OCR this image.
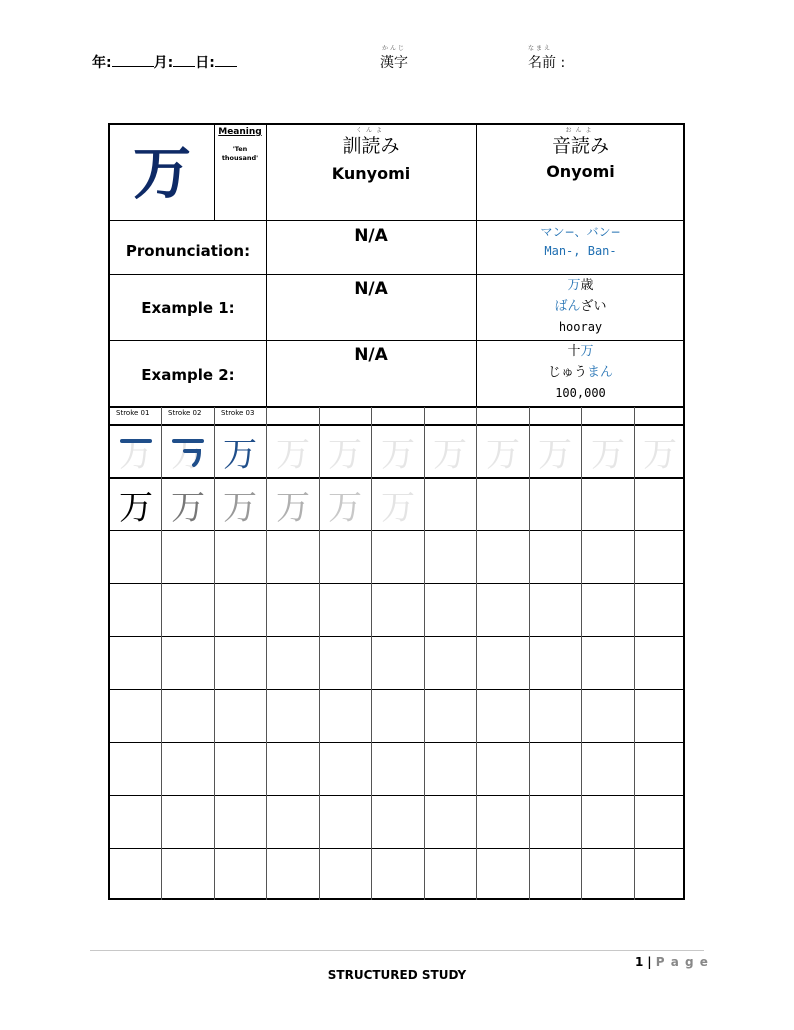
年:	月: 日:
かんじ
漢字
なまえ
名前 :
万
Meaning
'Ten thousand'
くんよ
訓読み
Kunyomi
おんよ
音読み
Onyomi
Pronunciation:
N/A	マン−、バン−
Man-, Ban-
Example 1:
N/A	万歳
ばんざい
hooray
Example 2:
N/A	十万
じゅうまん
100,000
Stroke 01	Stroke 02	Stroke 03
万 万 万 万 万 万 万 万 万 万 万
万 万 万 万 万 万
1 | P a g e
STRUCTURED STUDY
